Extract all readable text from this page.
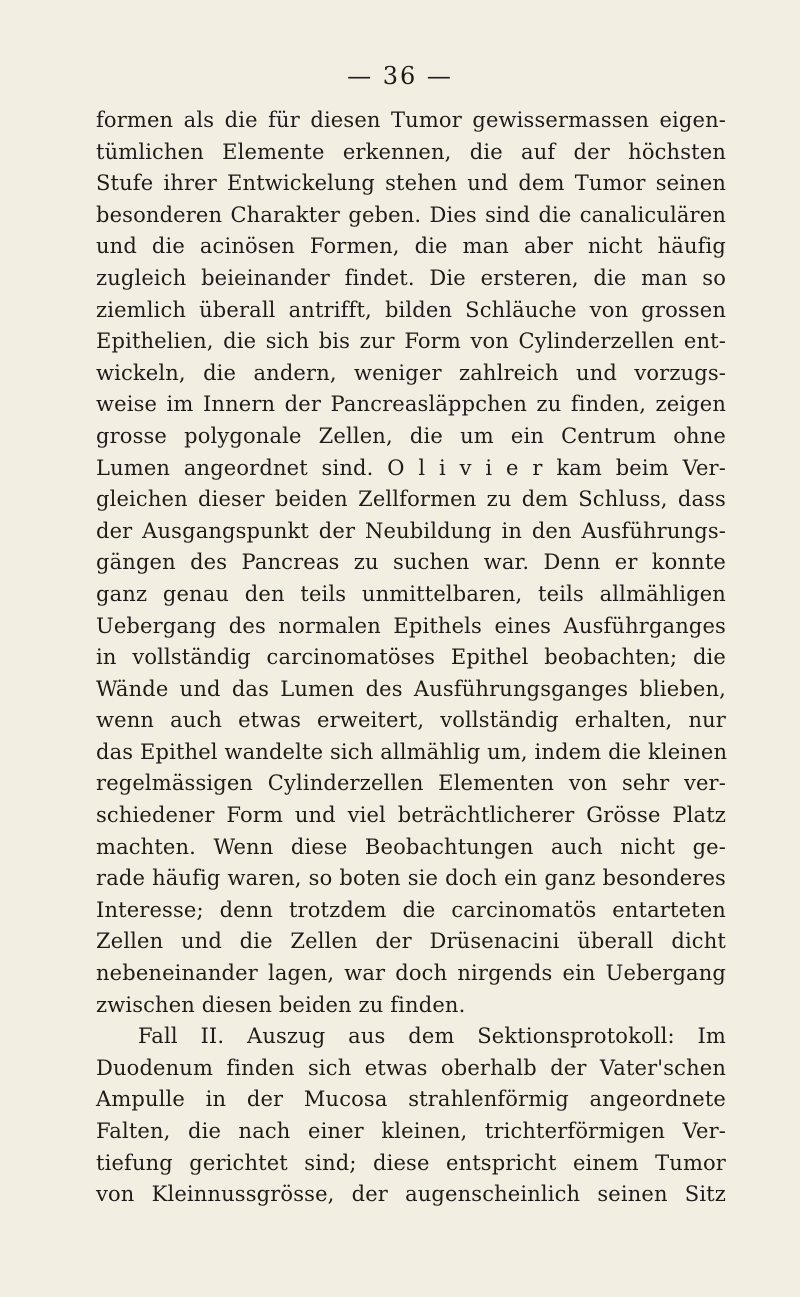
— 36 —
formen als die für diesen Tumor gewissermassen eigen-
tümlichen Elemente erkennen, die auf der höchsten
Stufe ihrer Entwickelung stehen und dem Tumor seinen
besonderen Charakter geben. Dies sind die canaliculären
und die acinösen Formen, die man aber nicht häufig
zugleich beieinander findet. Die ersteren, die man so
ziemlich überall antrifft, bilden Schläuche von grossen
Epithelien, die sich bis zur Form von Cylinderzellen ent-
wickeln, die andern, weniger zahlreich und vorzugs-
weise im Innern der Pancreasläppchen zu finden, zeigen
grosse polygonale Zellen, die um ein Centrum ohne
Lumen angeordnet sind. O l i v i e r kam beim Ver-
gleichen dieser beiden Zellformen zu dem Schluss, dass
der Ausgangspunkt der Neubildung in den Ausführungs-
gängen des Pancreas zu suchen war. Denn er konnte
ganz genau den teils unmittelbaren, teils allmähligen
Uebergang des normalen Epithels eines Ausführganges
in vollständig carcinomatöses Epithel beobachten; die
Wände und das Lumen des Ausführungsganges blieben,
wenn auch etwas erweitert, vollständig erhalten, nur
das Epithel wandelte sich allmählig um, indem die kleinen
regelmässigen Cylinderzellen Elementen von sehr ver-
schiedener Form und viel beträchtlicherer Grösse Platz
machten. Wenn diese Beobachtungen auch nicht ge-
rade häufig waren, so boten sie doch ein ganz besonderes
Interesse; denn trotzdem die carcinomatös entarteten
Zellen und die Zellen der Drüsenacini überall dicht
nebeneinander lagen, war doch nirgends ein Uebergang
zwischen diesen beiden zu finden.
Fall II. Auszug aus dem Sektionsprotokoll: Im
Duodenum finden sich etwas oberhalb der Vater'schen
Ampulle in der Mucosa strahlenförmig angeordnete
Falten, die nach einer kleinen, trichterförmigen Ver-
tiefung gerichtet sind; diese entspricht einem Tumor
von Kleinnussgrösse, der augenscheinlich seinen Sitz
